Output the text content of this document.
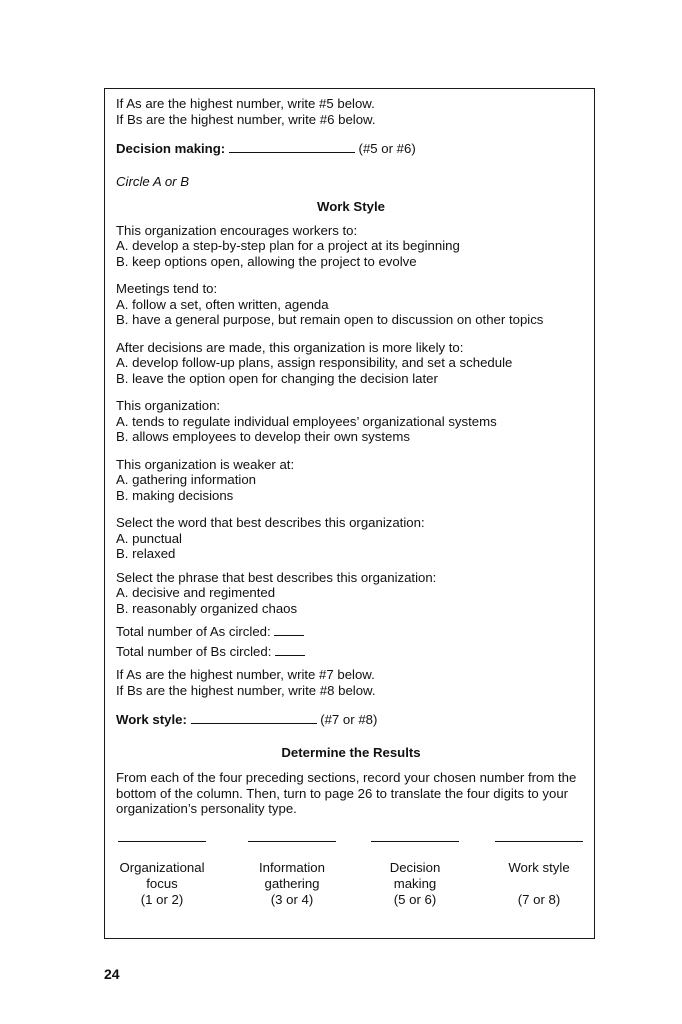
If As are the highest number, write #5 below.
If Bs are the highest number, write #6 below.
Decision making:	(#5 or #6)
Circle A or B
Work Style
This organization encourages workers to:
A. develop a step-by-step plan for a project at its beginning
B. keep options open, allowing the project to evolve
Meetings tend to:
A. follow a set, often written, agenda
B. have a general purpose, but remain open to discussion on other topics
After decisions are made, this organization is more likely to:
A. develop follow-up plans, assign responsibility, and set a schedule
B. leave the option open for changing the decision later
This organization:
A. tends to regulate individual employees’ organizational systems
B. allows employees to develop their own systems
This organization is weaker at:
A. gathering information
B. making decisions
Select the word that best describes this organization:
A. punctual
B. relaxed
Select the phrase that best describes this organization:
A. decisive and regimented
B. reasonably organized chaos
Total number of As circled:
Total number of Bs circled:
If As are the highest number, write #7 below.
If Bs are the highest number, write #8 below.
Work style:	(#7 or #8)
Determine the Results
From each of the four preceding sections, record your chosen number from the bottom of the column. Then, turn to page 26 to translate the four digits to your organization’s personality type.
Organizational
focus
(1 or 2)
Information
gathering
(3 or 4)
Decision
making
(5 or 6)
Work style
(7 or 8)
24
